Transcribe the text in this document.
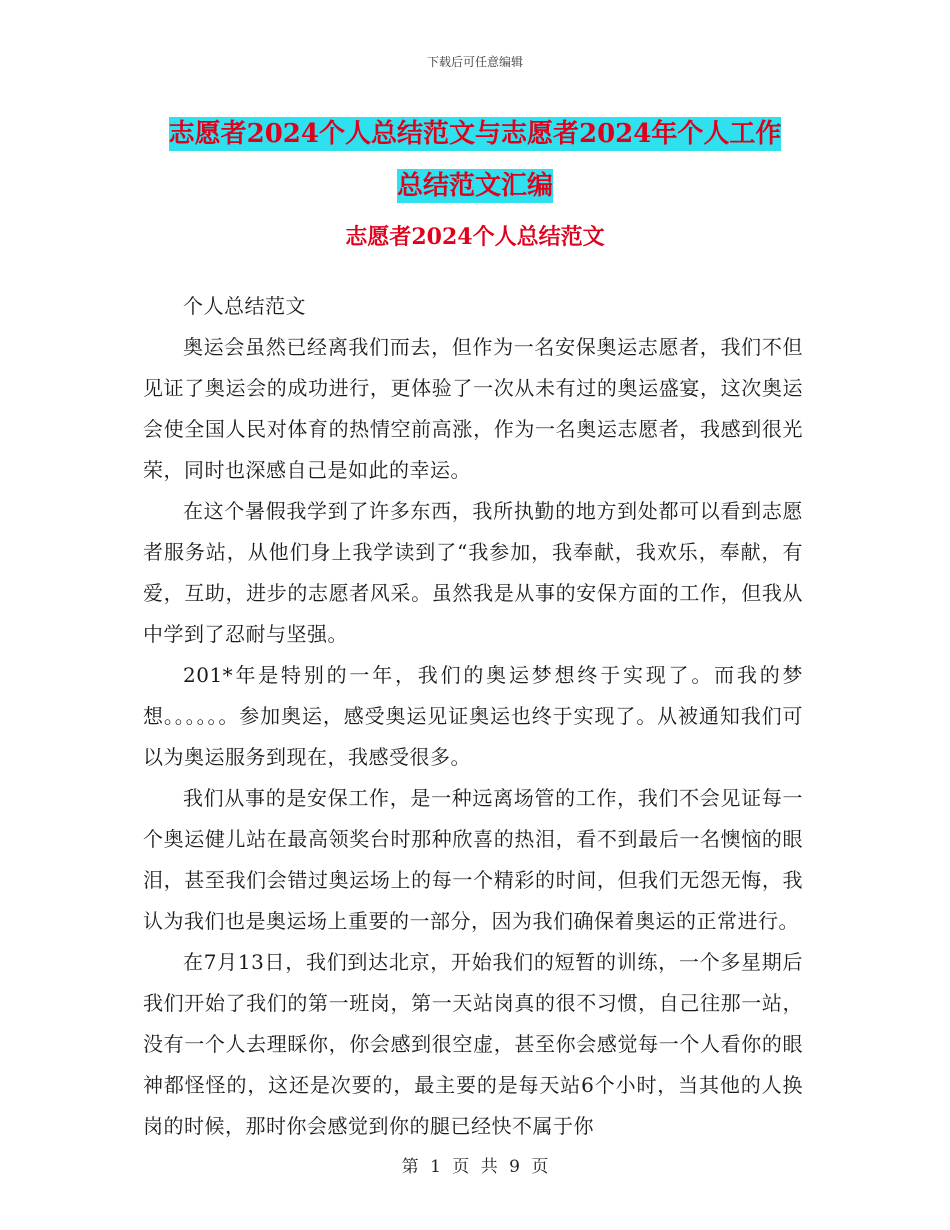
下载后可任意编辑
志愿者2024个人总结范文与志愿者2024年个人工作
总结范文汇编
志愿者2024个人总结范文

个人总结范文

奥运会虽然已经离我们而去，但作为一名安保奥运志愿者，我们不但见证了奥运会的成功进行，更体验了一次从未有过的奥运盛宴，这次奥运会使全国人民对体育的热情空前高涨，作为一名奥运志愿者，我感到很光荣，同时也深感自己是如此的幸运。

在这个暑假我学到了许多东西，我所执勤的地方到处都可以看到志愿者服务站，从他们身上我学读到了“我参加，我奉献，我欢乐，奉献，有爱，互助，进步的志愿者风采。虽然我是从事的安保方面的工作，但我从中学到了忍耐与坚强。

201*年是特别的一年，我们的奥运梦想终于实现了。而我的梦想。。。。。。参加奥运，感受奥运见证奥运也终于实现了。从被通知我们可以为奥运服务到现在，我感受很多。

我们从事的是安保工作，是一种远离场管的工作，我们不会见证每一个奥运健儿站在最高领奖台时那种欣喜的热泪，看不到最后一名懊恼的眼泪，甚至我们会错过奥运场上的每一个精彩的时间，但我们无怨无悔，我认为我们也是奥运场上重要的一部分，因为我们确保着奥运的正常进行。

在7月13日，我们到达北京，开始我们的短暂的训练，一个多星期后我们开始了我们的第一班岗，第一天站岗真的很不习惯，自己往那一站，没有一个人去理睬你，你会感到很空虚，甚至你会感觉每一个人看你的眼神都怪怪的，这还是次要的，最主要的是每天站6个小时，当其他的人换岗的时候，那时你会感觉到你的腿已经快不属于你

第 1 页 共 9 页
